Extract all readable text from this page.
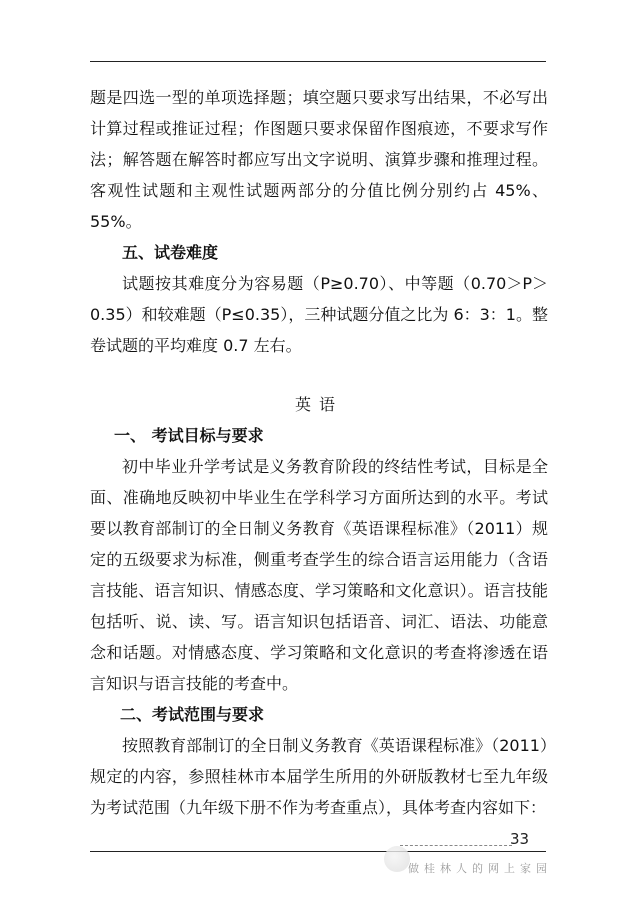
题是四选一型的单项选择题；填空题只要求写出结果，不必写出计算过程或推证过程；作图题只要求保留作图痕迹，不要求写作法；解答题在解答时都应写出文字说明、演算步骤和推理过程。客观性试题和主观性试题两部分的分值比例分别约占 45%、55%。

五、试卷难度

试题按其难度分为容易题（P≥0.70）、中等题（0.70＞P＞0.35）和较难题（P≤0.35），三种试题分值之比为 6：3：1。整卷试题的平均难度 0.7 左右。

英语

一、 考试目标与要求

初中毕业升学考试是义务教育阶段的终结性考试，目标是全面、准确地反映初中毕业生在学科学习方面所达到的水平。考试要以教育部制订的全日制义务教育《英语课程标准》（2011）规定的五级要求为标准，侧重考查学生的综合语言运用能力（含语言技能、语言知识、情感态度、学习策略和文化意识）。语言技能包括听、说、读、写。语言知识包括语音、词汇、语法、功能意念和话题。对情感态度、学习策略和文化意识的考查将渗透在语言知识与语言技能的考查中。

二、考试范围与要求

按照教育部制订的全日制义务教育《英语课程标准》（2011）规定的内容，参照桂林市本届学生所用的外研版教材七至九年级为考试范围（九年级下册不作为考查重点），具体考查内容如下：

33
做桂林人的网上家园
